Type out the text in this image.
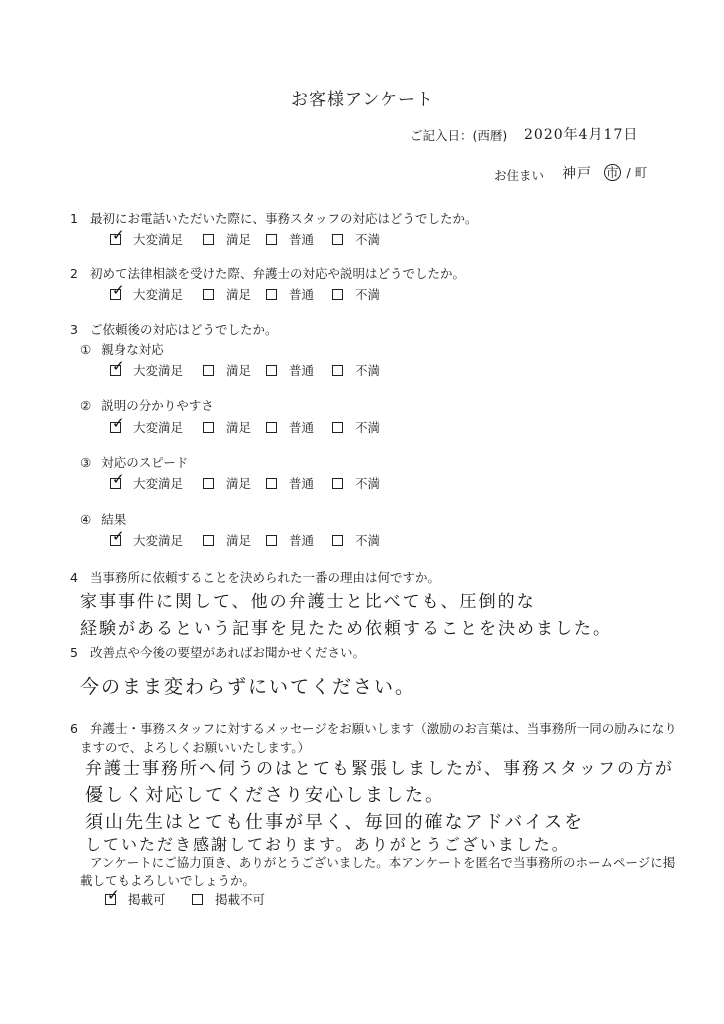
お客様アンケート
ご記入日：(西暦) 2020年4月17日
お住まい 神戸 市 / 町
1 最初にお電話いただいた際に、事務スタッフの対応はどうでしたか。
✓ 大変満足	満足	普通	不満
2 初めて法律相談を受けた際、弁護士の対応や説明はどうでしたか。
✓ 大変満足	満足	普通	不満
3 ご依頼後の対応はどうでしたか。
① 親身な対応
✓ 大変満足	満足	普通	不満
② 説明の分かりやすさ
✓ 大変満足	満足	普通	不満
③ 対応のスピード
✓ 大変満足	満足	普通	不満
④ 結果
✓ 大変満足	満足	普通	不満
4 当事務所に依頼することを決められた一番の理由は何ですか。
家事事件に関して、他の弁護士と比べても、圧倒的な
経験があるという記事を見たため依頼することを決めました。
5 改善点や今後の要望があればお聞かせください。
今のまま変わらずにいてください。
6 弁護士・事務スタッフに対するメッセージをお願いします（激励のお言葉は、当事務所一同の励みになり
ますので、よろしくお願いいたします。）
弁護士事務所へ伺うのはとても緊張しましたが、事務スタッフの方が
優しく対応してくださり安心しました。
須山先生はとても仕事が早く、毎回的確なアドバイスを
していただき感謝しております。ありがとうございました。
アンケートにご協力頂き、ありがとうございました。本アンケートを匿名で当事務所のホームページに掲
載してもよろしいでしょうか。
✓ 掲載可	掲載不可
